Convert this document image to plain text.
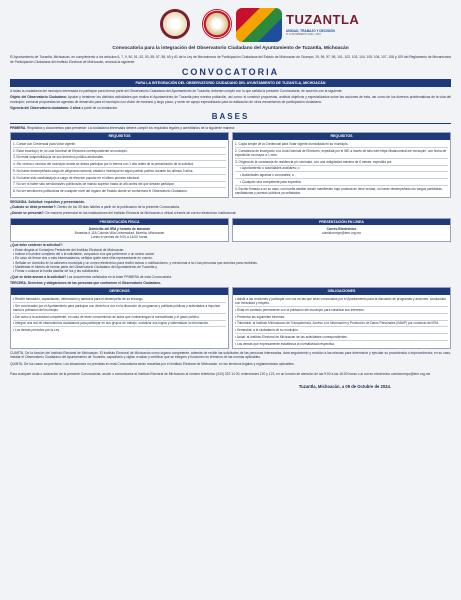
TUZANTLA
UNIDAD, TRABAJO Y DECISIÓN
H. AYUNTAMIENTO 2024 - 2027
Convocatoria para la integración del Observatorio Ciudadano del Ayuntamiento de Tuzantla, Michoacán
El Ayuntamiento de Tuzantla, Michoacán, en cumplimiento a los artículos 6, 7, 9, 50, 51, 52, 53, 55, 57, 58, 60 y 61 de la Ley de Mecanismos de Participación Ciudadana del Estado de Michoacán de Ocampo; 19, 96, 97, 98, 101, 102, 103, 104, 105, 106, 107, 108 y 109 del Reglamento de Mecanismos de Participación Ciudadana del Instituto Electoral de Michoacán, anuncia la siguiente:
CONVOCATORIA
PARA LA INTEGRACIÓN DEL OBSERVATORIO CIUDADANO DEL AYUNTAMIENTO DE TUZANTLA, MICHOACÁN
A todas la ciudadanía del municipio interesada en participar para formar parte del Observatorio Ciudadano del Ayuntamiento de Tuzantla, deberán cumplir con lo que señala la presente Convocatoria, de acuerdo con la siguiente:
Objeto del Observatorio Ciudadano: Ayudar y fortalecer los distintos actividades que realiza el Ayuntamiento de Tuzantla para nuestra población, así como: el construir propuestas, análisis objetivos y especializados sobre las acciones de ésta, así como de los diversos problemáticas de la vida del municipio; construir propuestas de agendas de desarrollo para el municipio con visión de mediano y largo plazo; y servir de apoyo especializado para la realización de otros mecanismos de participación ciudadana.
Vigencia del Observatorio ciudadano: 2 años a partir de su instalación.
BASES
PRIMERA. Requisitos y documentos para presentar: La ciudadanía interesada deberá cumplir los requisitos legales y acreditarlos de la siguiente manera:
REQUISITOS
1. Contar con Credencial para Votar vigente.
2. Estar inscrita(o) en la Lista Nominal de Electores correspondiente al municipio.
3. No estar suspendida(o)s de sus derechos político-electorales.
4. Ser vecina o vecinos del municipio donde se desea participar por lo menos con 1 año antes de la presentación de la solicitud.
5. No haber desempeñado cargo de dirigencia nacional, estatal o municipal en algún partido político durante los últimos 3 años.
6. No haber sido candidata(o)s a cargo de elección popular en el último proceso electoral.
7. No ser ni haber sido servidoras/es públicos/as de mando superior hasta un año antes del que desean participar.
8. No ser servidor/es públicos/as de cualquier nivel del órgano del Estado donde se conformará el Observatorio Ciudadano.
REQUISITOS
1. Copia simple de la Credencial para Votar vigente domiciliada en su municipio.
2. Constancia de inscripción a la Lista Nominal de Electores, expedida por el INE a través de sitio web https://listanominal.ine.mx/scpln/, con fecha de expedición no mayor a 1 mes.
3. Original de la constancia de residencia y/o vecindad, con una antigüedad máxima de 6 meses, expedida por:
• Ayuntamiento o autoridades auxiliares; o
• Autoridades agrarias o comunales; o
• Cualquier otra competente para expedirla.
4. Escrito firmado a un su caso, con huella dactilar donde manifiesten bajo protesta de decir verdad, no haber desempeñado los cargos partidistas, candidaturas y puestos públicos ya señalados.
SEGUNDA. Solicitud: requisitos y presentación.
¿Cuándo se debe presentar?: Dentro de los 30 días hábiles a partir de la publicación de la presente Convocatoria.
¿Dónde se presenta?: De manera presencial en las instalaciones del Instituto Electoral de Michoacán o virtual a través de correo electrónico institucional.
PRESENTACIÓN FÍSICA
Domicilio del IEM y horario de atención
Bruselas # 118,Colonia Villa Universidad, Morelia, Michoacán
Lunes a viernes de 9:00 a 16:00 horas.
PRESENTACIÓN EN LÍNEA
Correo Electrónico
comisionmpo@iem.org.mx
¿Qué debe contener la solicitud?:
• Estar dirigida al Consejero Presidente del Instituto Electoral de Michoacán.
• Indicar el nombre completo del o la solicitante, ocupación a la que pertenece o un sector social.
• En caso de firmar dos o más interesadas/os, señalar quién será el/la representante en común.
• Señalar un domicilio en la cabecera municipal y un correo electrónico para recibir avisos o notificaciones, y mencionar a la o las personas que autoriza para recibirlas.
• Manifestar el interés de formar parte del Observatorio Ciudadano del Ayuntamiento de Tuzantla y,
• Firmar o colocar la huella dactilar de los y las solicitantes.
¿Qué se debe anexar a la solicitud? Los documentos señalados en la base PRIMERA de esta Convocatoria.
TERCERA. Derechos y obligaciones de las personas que conformen el Observatorio Ciudadano.
DERECHOS
• Recibir formación, capacitación, información y asesoría para el desempeño de su encargo.
• Ser convocados por el Ayuntamiento para participar con derecho a voz en la discusión de programas y políticas públicas y actividades a impulsar hacia la población del municipio.
• Dar aviso a la autoridad competente, en caso de tener conocimiento de actos que contravengan la normatividad y el gasto público.
• Integrar una red de observatorios ciudadanos para participar en sus grupos de trabajo, socializar sus logros y sistematizar la información.
• Los demás previstos por la Ley.
OBLIGACIONES
• Asistir a las reuniones y participar con voz en las que sean convocados por el Ayuntamiento para la discusión de programas y acciones, conducidos con veracidad y respeto.
• Estar en contacto permanente con la población del municipio para canalizar sus intereses.
• Presentar los siguientes informes:
• Trimestral: al Instituto Michoacano de Transparencia, Acceso a la Información y Protección de Datos Personales (IMAIP) por conducto del IEM.
• Semestral: a la ciudadanía de su municipio.
• Anual: al Instituto Electoral de Michoacán de las actividades correspondientes.
• Las demás que expresamente establezca la normatividad respectiva.
CUARTA. De la función del Instituto Electoral de Michoacán. El Instituto Electoral de Michoacán como órgano competente, además de recibir las solicitudes de las personas interesadas, dará seguimiento y revisión a las mismas para determinar y ejecutar su procedencia o improcedencia; en su caso, instalar el Observatorio Ciudadano del Ayuntamiento de Tuzantla, capacitarlo y vigilar, evaluar y certificar que se integren y funcionen en términos de las normas aplicables.
QUINTA. De los casos no previstos. Los situaciones no previstas en esta Convocatoria serán resueltas por el Instituto Electoral de Michoacán, en los términos legales y reglamentarios aplicables.
Para cualquier duda o aclaración de la presente Convocatoria, acudir o comunicarse al Instituto Electoral de Michoacán al número telefónico (443) 322 14 00, extensiones 120 y 123, en un horario de atención de las 9:00 a las 16:00 horas o al correo electrónico comisionmpo@iem.org.mx
Tuzantla, Michoacán, a 09 de Octubre de 2024.
